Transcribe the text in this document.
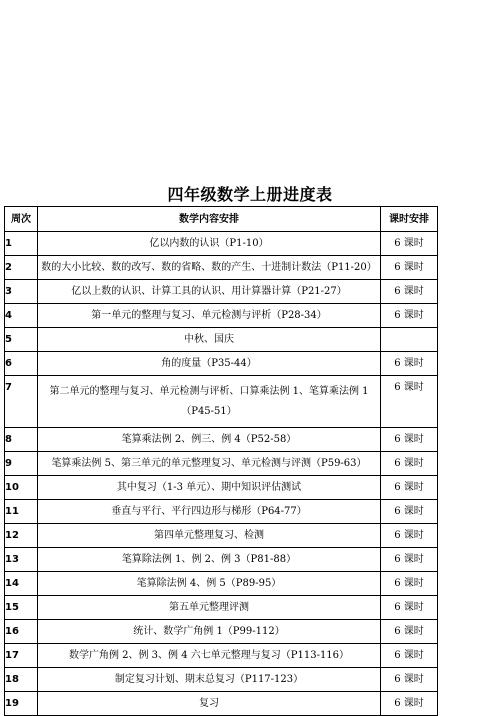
四年级数学上册进度表
周次	数学内容安排	课时安排
1	亿以内数的认识（P1-10）	6 课时
2	数的大小比较、数的改写、数的省略、数的产生、十进制计数法（P11-20）	6 课时
3	亿以上数的认识、计算工具的认识、用计算器计算（P21-27）	6 课时
4	第一单元的整理与复习、单元检测与评析（P28-34）	6 课时
5	中秋、国庆	
6	角的度量（P35-44）	6 课时
7	第二单元的整理与复习、单元检测与评析、口算乘法例 1、笔算乘法例 1（P45-51）	6 课时
8	笔算乘法例 2、例三、例 4（P52-58）	6 课时
9	笔算乘法例 5、第三单元的单元整理复习、单元检测与评测（P59-63）	6 课时
10	其中复习（1-3 单元）、期中知识评估测试	6 课时
11	垂直与平行、平行四边形与梯形（P64-77）	6 课时
12	第四单元整理复习、检测	6 课时
13	笔算除法例 1、例 2、例 3（P81-88）	6 课时
14	笔算除法例 4、例 5（P89-95）	6 课时
15	第五单元整理评测	6 课时
16	统计、数学广角例 1（P99-112）	6 课时
17	数学广角例 2、例 3、例 4 六七单元整理与复习（P113-116）	6 课时
18	制定复习计划、期末总复习（P117-123）	6 课时
19	复习	6 课时
